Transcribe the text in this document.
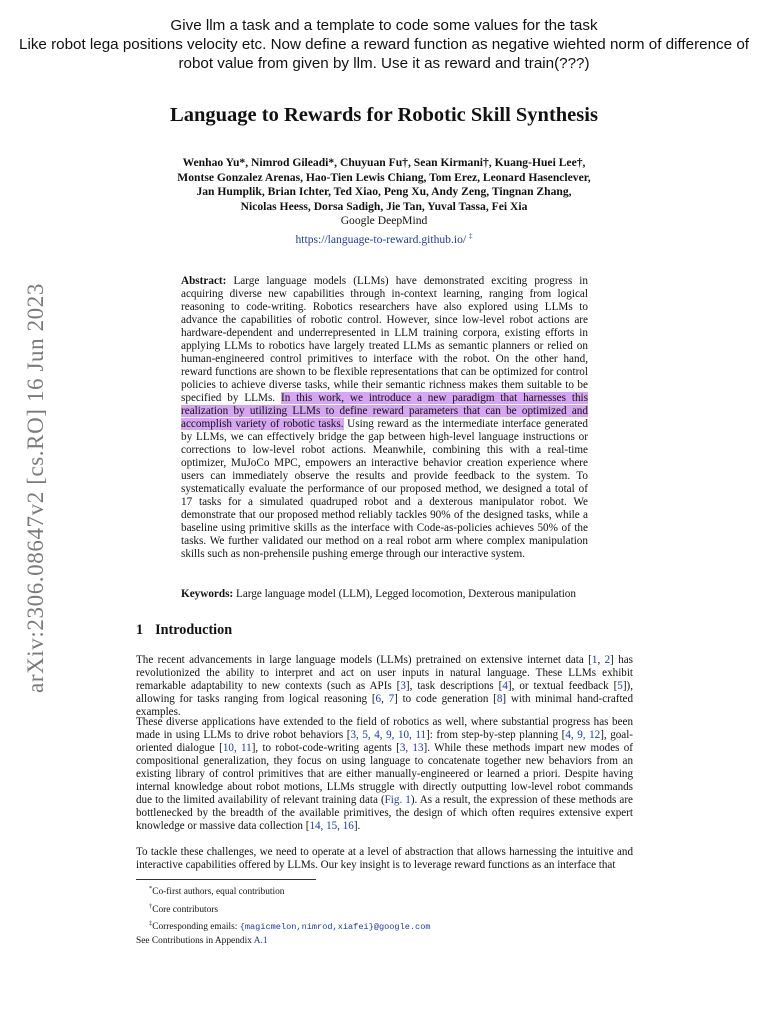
Give llm a task and a template to code some values for the task
Like robot lega positions velocity etc. Now define a reward function as negative wiehted norm of difference of
robot value from given by llm. Use it as reward and train(???)
arXiv:2306.08647v2 [cs.RO] 16 Jun 2023
Language to Rewards for Robotic Skill Synthesis
Wenhao Yu*, Nimrod Gileadi*, Chuyuan Fu†, Sean Kirmani†, Kuang-Huei Lee†,
Montse Gonzalez Arenas, Hao-Tien Lewis Chiang, Tom Erez, Leonard Hasenclever,
Jan Humplik, Brian Ichter, Ted Xiao, Peng Xu, Andy Zeng, Tingnan Zhang,
Nicolas Heess, Dorsa Sadigh, Jie Tan, Yuval Tassa, Fei Xia
Google DeepMind
https://language-to-reward.github.io/ ‡
Abstract: Large language models (LLMs) have demonstrated exciting progress in acquiring diverse new capabilities through in-context learning, ranging from logical reasoning to code-writing. Robotics researchers have also explored using LLMs to advance the capabilities of robotic control. However, since low-level robot actions are hardware-dependent and underrepresented in LLM training corpora, existing efforts in applying LLMs to robotics have largely treated LLMs as semantic planners or relied on human-engineered control primitives to interface with the robot. On the other hand, reward functions are shown to be flexible representations that can be optimized for control policies to achieve diverse tasks, while their semantic richness makes them suitable to be specified by LLMs. In this work, we introduce a new paradigm that harnesses this realization by utilizing LLMs to define reward parameters that can be optimized and accomplish variety of robotic tasks. Using reward as the intermediate interface generated by LLMs, we can effectively bridge the gap between high-level language instructions or corrections to low-level robot actions. Meanwhile, combining this with a real-time optimizer, MuJoCo MPC, empowers an interactive behavior creation experience where users can immediately observe the results and provide feedback to the system. To systematically evaluate the performance of our proposed method, we designed a total of 17 tasks for a simulated quadruped robot and a dexterous manipulator robot. We demonstrate that our proposed method reliably tackles 90% of the designed tasks, while a baseline using primitive skills as the interface with Code-as-policies achieves 50% of the tasks. We further validated our method on a real robot arm where complex manipulation skills such as non-prehensile pushing emerge through our interactive system.
Keywords: Large language model (LLM), Legged locomotion, Dexterous manipulation
1 Introduction

The recent advancements in large language models (LLMs) pretrained on extensive internet data [1, 2] has revolutionized the ability to interpret and act on user inputs in natural language. These LLMs exhibit remarkable adaptability to new contexts (such as APIs [3], task descriptions [4], or textual feedback [5]), allowing for tasks ranging from logical reasoning [6, 7] to code generation [8] with minimal hand-crafted examples.

These diverse applications have extended to the field of robotics as well, where substantial progress has been made in using LLMs to drive robot behaviors [3, 5, 4, 9, 10, 11]: from step-by-step planning [4, 9, 12], goal-oriented dialogue [10, 11], to robot-code-writing agents [3, 13]. While these methods impart new modes of compositional generalization, they focus on using language to concatenate together new behaviors from an existing library of control primitives that are either manually-engineered or learned a priori. Despite having internal knowledge about robot motions, LLMs struggle with directly outputting low-level robot commands due to the limited availability of relevant training data (Fig. 1). As a result, the expression of these methods are bottlenecked by the breadth of the available primitives, the design of which often requires extensive expert knowledge or massive data collection [14, 15, 16].

To tackle these challenges, we need to operate at a level of abstraction that allows harnessing the intuitive and interactive capabilities offered by LLMs. Our key insight is to leverage reward functions as an interface that

*Co-first authors, equal contribution
†Core contributors
‡Corresponding emails: {magicmelon,nimrod,xiafei}@google.com
See Contributions in Appendix A.1
